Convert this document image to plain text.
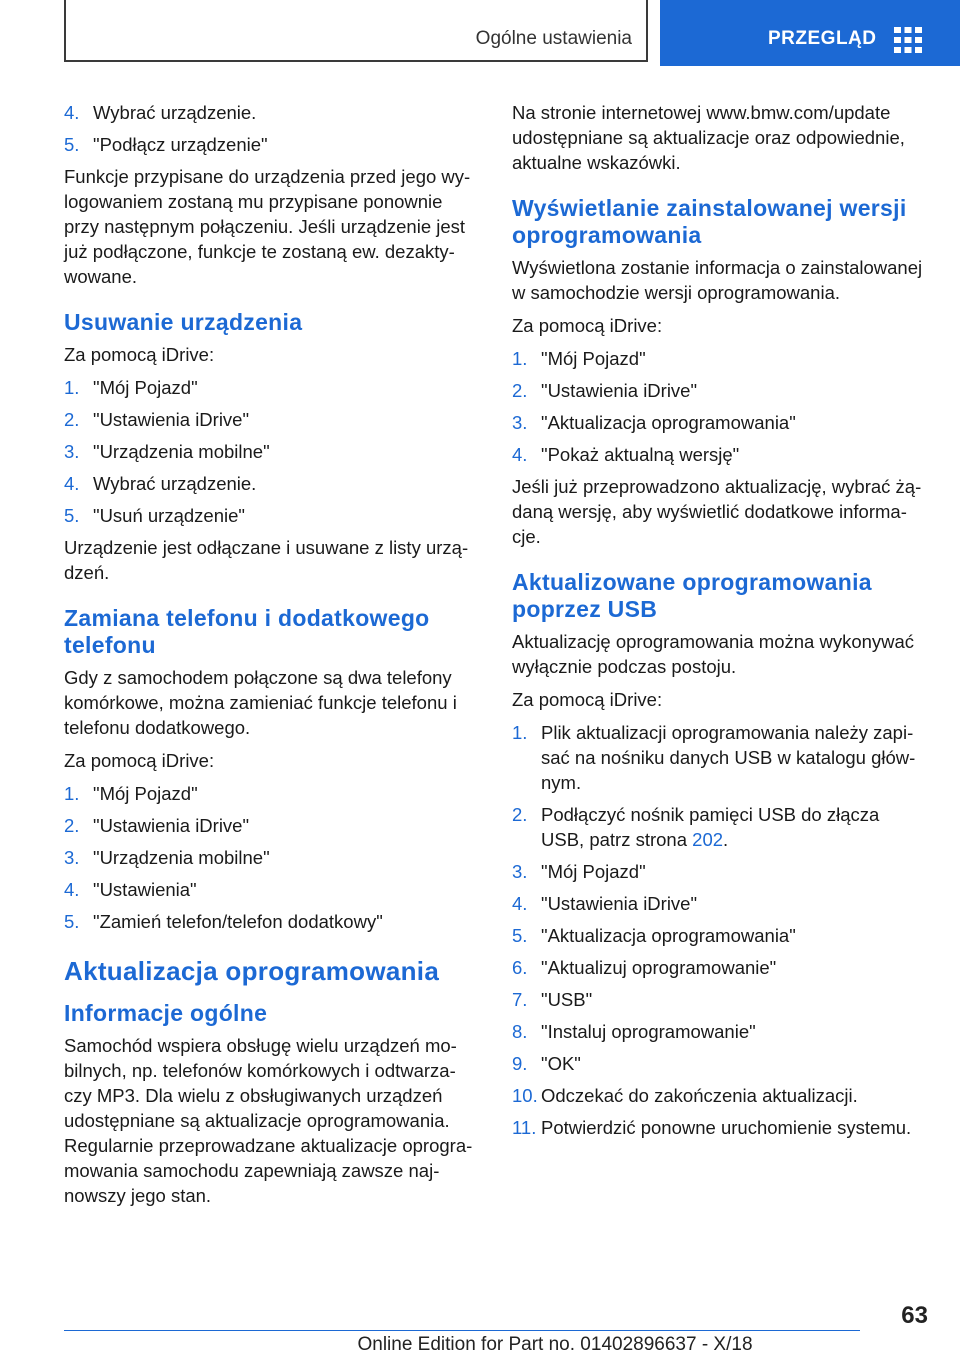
Ogólne ustawienia	PRZEGLĄD
4. Wybrać urządzenie.
5. "Podłącz urządzenie"

Funkcje przypisane do urządzenia przed jego wylogowaniem zostaną mu przypisane ponownie przy następnym połączeniu. Jeśli urządzenie jest już podłączone, funkcje te zostaną ew. dezaktywowane.

Usuwanie urządzenia

Za pomocą iDrive:

1. "Mój Pojazd"
2. "Ustawienia iDrive"
3. "Urządzenia mobilne"
4. Wybrać urządzenie.
5. "Usuń urządzenie"

Urządzenie jest odłączane i usuwane z listy urządzeń.

Zamiana telefonu i dodatkowego telefonu

Gdy z samochodem połączone są dwa telefony komórkowe, można zamieniać funkcje telefonu i telefonu dodatkowego.

Za pomocą iDrive:

1. "Mój Pojazd"
2. "Ustawienia iDrive"
3. "Urządzenia mobilne"
4. "Ustawienia"
5. "Zamień telefon/telefon dodatkowy"
Aktualizacja oprogramowania
Informacje ogólne

Samochód wspiera obsługę wielu urządzeń mobilnych, np. telefonów komórkowych i odtwarzaczy MP3. Dla wielu z obsługiwanych urządzeń udostępniane są aktualizacje oprogramowania. Regularnie przeprowadzane aktualizacje oprogramowania samochodu zapewniają zawsze najnowszy jego stan.

Na stronie internetowej www.bmw.com/update udostępniane są aktualizacje oraz odpowiednie, aktualne wskazówki.

Wyświetlanie zainstalowanej wersji oprogramowania

Wyświetlona zostanie informacja o zainstalowanej w samochodzie wersji oprogramowania.

Za pomocą iDrive:

1. "Mój Pojazd"
2. "Ustawienia iDrive"
3. "Aktualizacja oprogramowania"
4. "Pokaż aktualną wersję"

Jeśli już przeprowadzono aktualizację, wybrać żądaną wersję, aby wyświetlić dodatkowe informacje.

Aktualizowane oprogramowania poprzez USB

Aktualizację oprogramowania można wykonywać wyłącznie podczas postoju.

Za pomocą iDrive:

1. Plik aktualizacji oprogramowania należy zapisać na nośniku danych USB w katalogu głównym.
2. Podłączyć nośnik pamięci USB do złącza USB, patrz strona 202.
3. "Mój Pojazd"
4. "Ustawienia iDrive"
5. "Aktualizacja oprogramowania"
6. "Aktualizuj oprogramowanie"
7. "USB"
8. "Instaluj oprogramowanie"
9. "OK"
10. Odczekać do zakończenia aktualizacji.
11. Potwierdzić ponowne uruchomienie systemu.
63
Online Edition for Part no. 01402896637 - X/18
